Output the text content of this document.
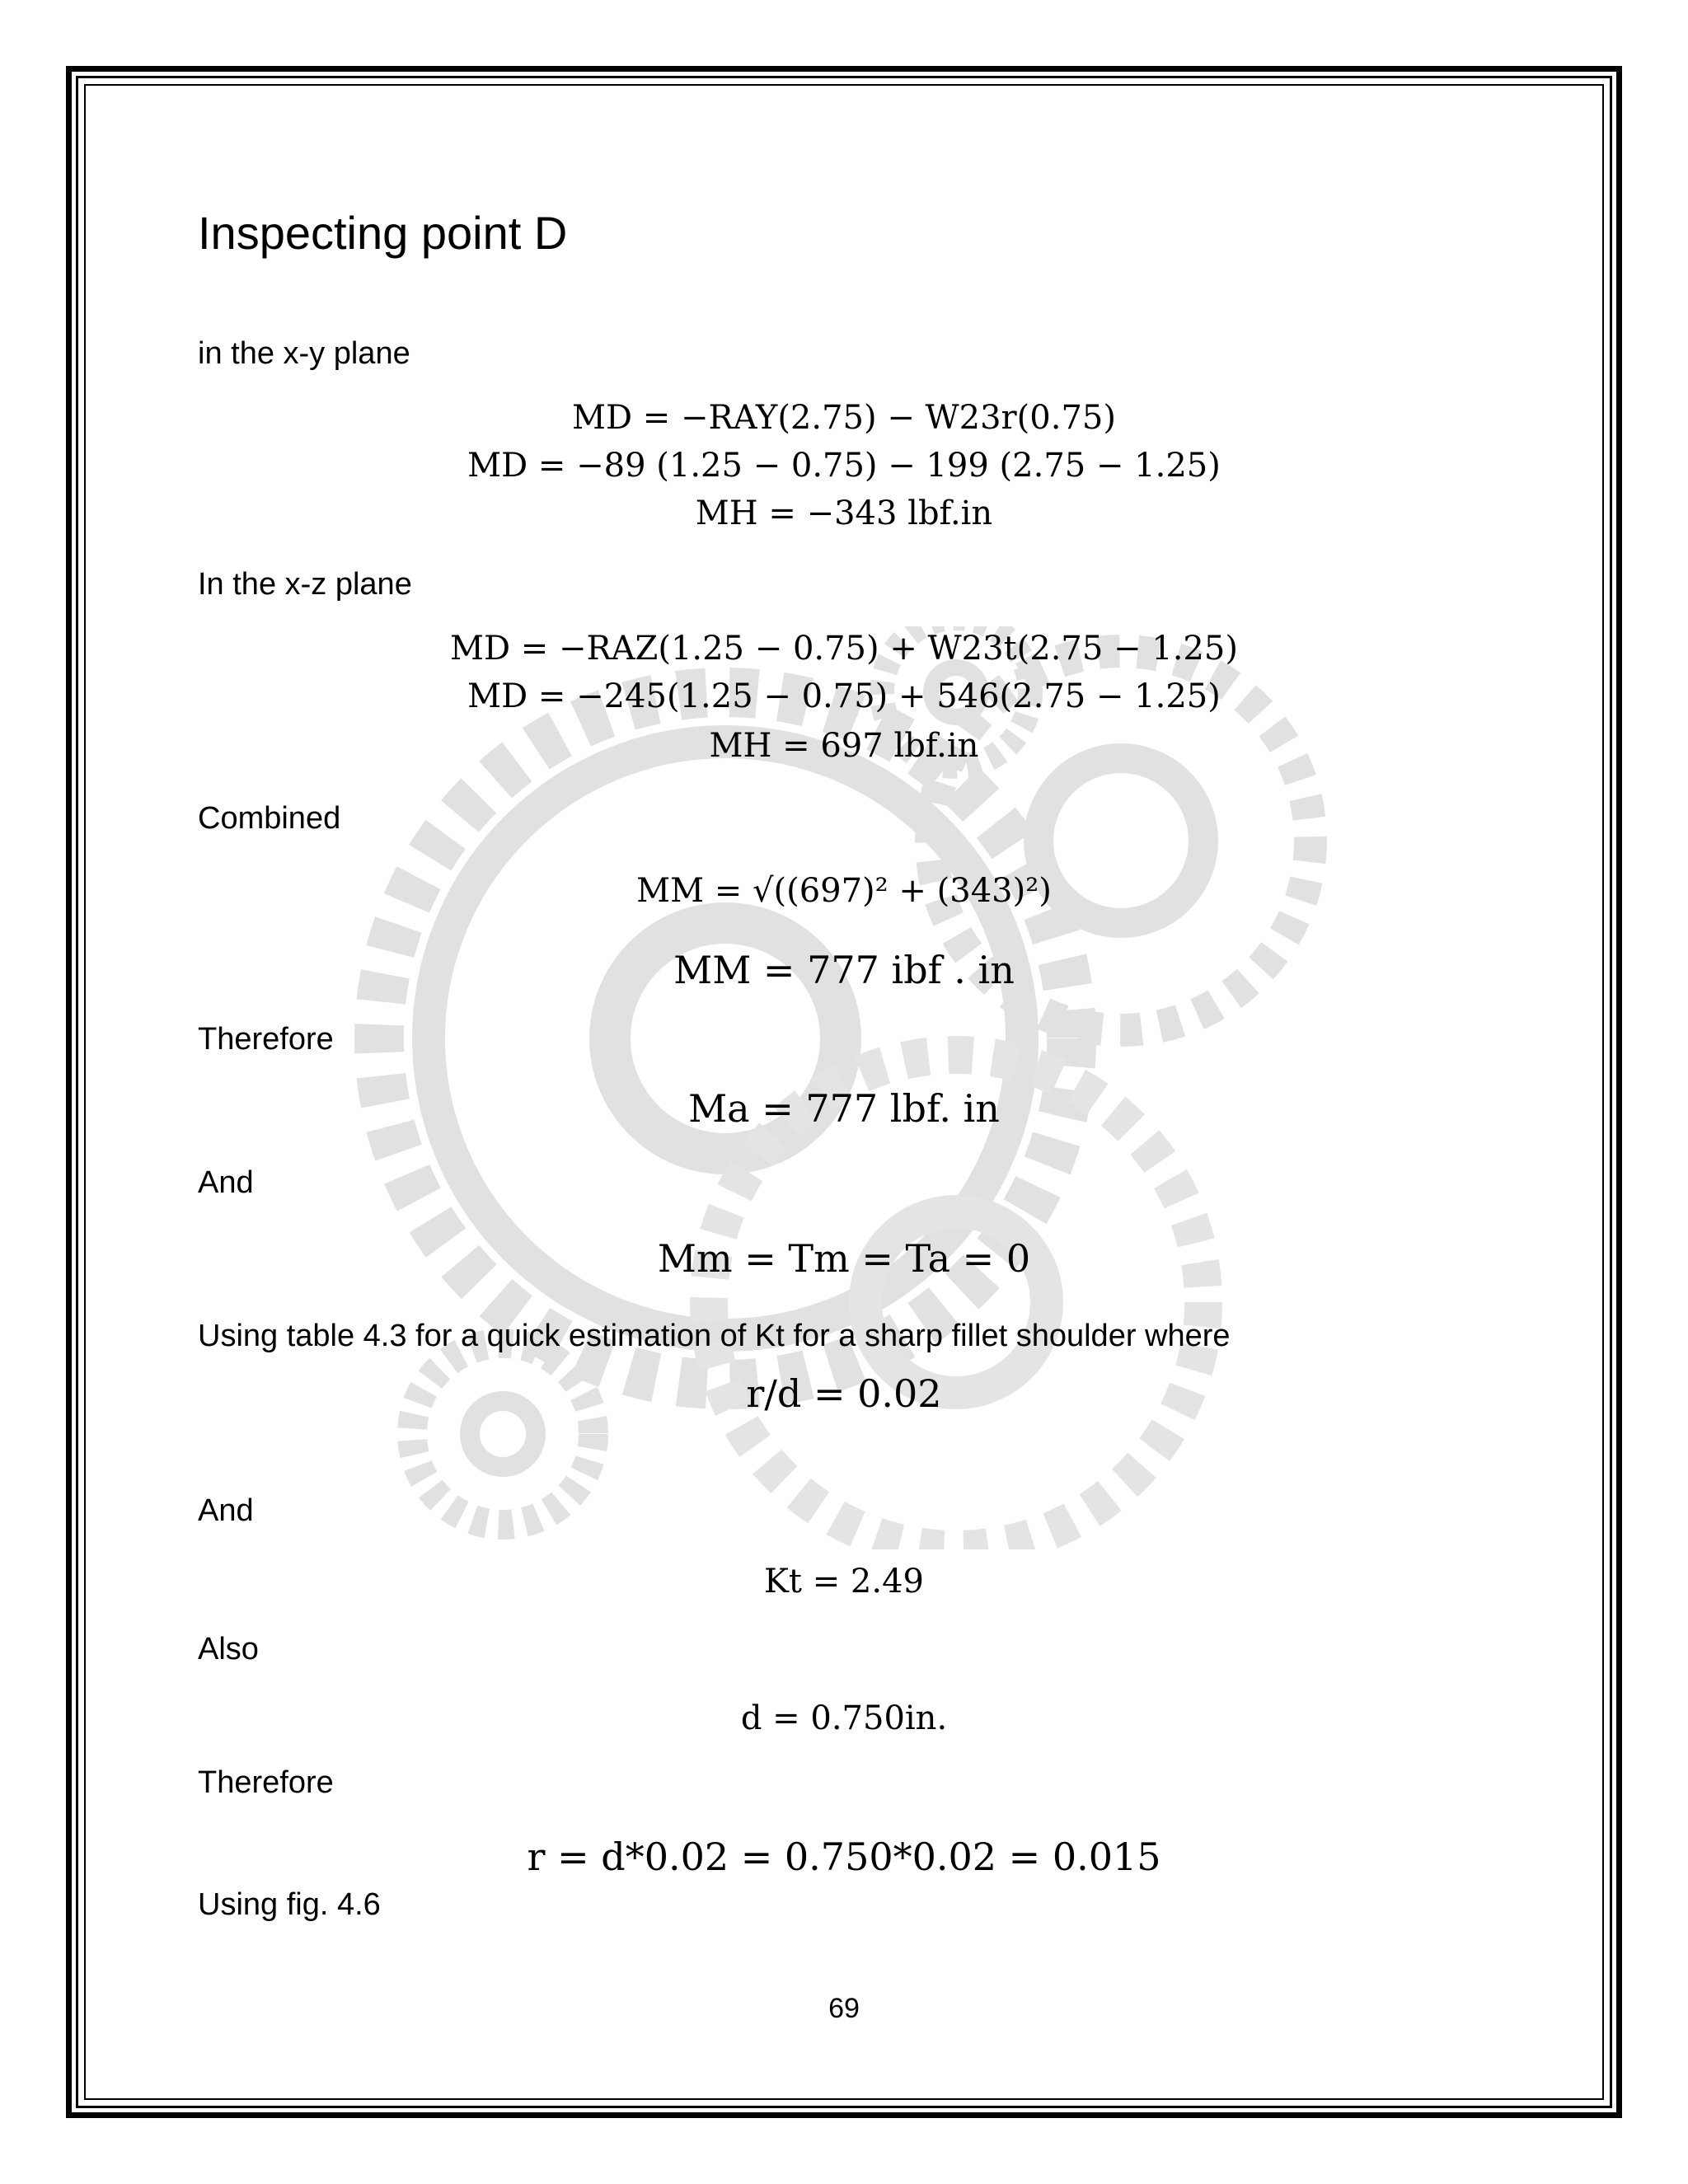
Inspecting point D
in the x-y plane
MD = −RAY(2.75) − W23r(0.75)
MD = −89 (1.25 − 0.75) − 199 (2.75 − 1.25)
MH = −343 lbf.in
In the x-z plane
MD = −RAZ(1.25 − 0.75) + W23t(2.75 − 1.25)
MD = −245(1.25 − 0.75) + 546(2.75 − 1.25)
MH = 697 lbf.in
Combined
MM = √((697)² + (343)²)
MM = 777 ibf . in
Therefore
Ma = 777 lbf. in
And
Mm = Tm = Ta = 0
Using table 4.3 for a quick estimation of Kt for a sharp fillet shoulder where
r/d = 0.02
And
Kt = 2.49
Also
d = 0.750in.
Therefore
r = d*0.02 = 0.750*0.02 = 0.015
Using fig. 4.6
69
